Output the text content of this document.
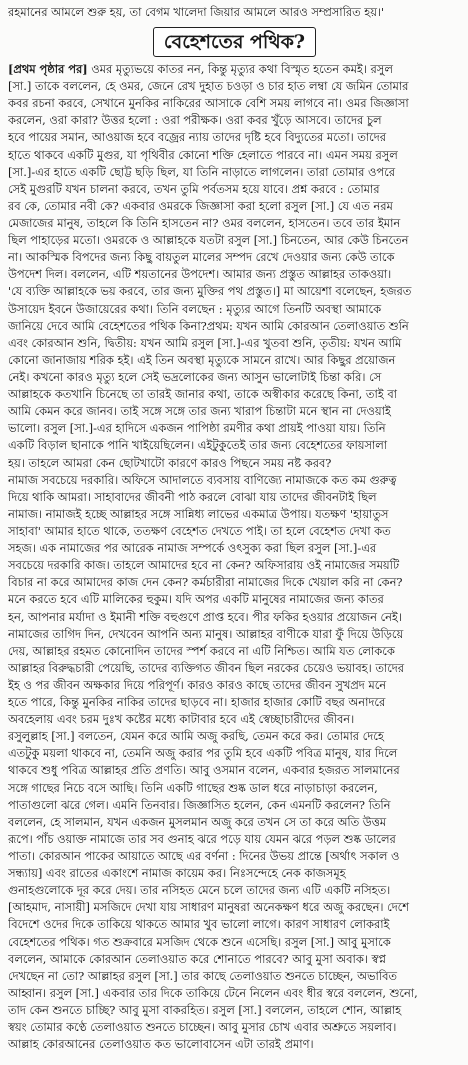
রহমানের আমলে শুরু হয়, তা বেগম খালেদা জিয়ার আমলে আরও সম্প্রসারিত হয়।'
বেহেশতের পথিক?
[প্রথম পৃষ্ঠার পর] ওমর মৃত্যুভয়ে কাতর নন, কিন্তু মৃত্যুর কথা বিস্মৃত হতেন কমই। রসুল
[সা.] তাকে বললেন, হে ওমর, জেনে রেখ দুহাত চওড়া ও চার হাত লম্বা যে জমিন তোমার
কবর রচনা করবে, সেখানে মুনকির নাকিরের আসাকে বেশি সময় লাগবে না। ওমর জিজ্ঞাসা
করলেন, ওরা কারা? উত্তর হলো : ওরা পরীক্ষক। ওরা কবর খুঁড়ে আসবে। তাদের চুল
হবে পায়ের সমান, আওয়াজ হবে বজ্রের ন্যায় তাদের দৃষ্টি হবে বিদ্যুতের মতো। তাদের
হাতে থাকবে একটি মুগুর, যা পৃথিবীর কোনো শক্তি হেলাতে পারবে না। এমন সময় রসুল
[সা.]-এর হাতে একটি ছোট্ট ছড়ি ছিল, যা তিনি নাড়াতে লাগলেন। তারা তোমার ওপরে
সেই মুগুরটি যখন চালনা করবে, তখন তুমি পর্বতসম হয়ে যাবে। প্রশ্ন করবে : তোমার
রব কে, তোমার নবী কে? একবার ওমরকে জিজ্ঞাসা করা হলো রসুল [সা.] যে এত নরম
মেজাজের মানুষ, তাহলে কি তিনি হাসতেন না? ওমর বললেন, হাসতেন। তবে তার ইমান
ছিল পাহাড়ের মতো। ওমরকে ও আল্লাহকে যতটা রসুল [সা.] চিনতেন, আর কেউ চিনতেন
না। আকস্মিক বিপদের জন্য কিছু বায়তুল মালের সম্পদ রেখে দেওয়ার জন্য কেউ তাকে
উপদেশ দিল। বললেন, এটি শয়তানের উপদেশ। আমার জন্য প্রস্তুত আল্লাহর তাকওয়া।
'যে ব্যক্তি আল্লাহকে ভয় করবে, তার জন্য মুক্তির পথ প্রস্তুত।] মা আয়েশা বলেছেন, হজরত
উসায়েদ ইবনে উজায়েরের কথা। তিনি বলছেন : মৃত্যুর আগে তিনটি অবস্থা আমাকে
জানিয়ে দেবে আমি বেহেশতের পথিক কিনা?প্রথম: যখন আমি কোরআন তেলাওয়াত শুনি
এবং কোরআন শুনি, দ্বিতীয়: যখন আমি রসুল [সা.]-এর খুতবা শুনি, তৃতীয়: যখন আমি
কোনো জানাজায় শরিক হই। এই তিন অবস্থা মৃত্যুকে সামনে রাখে। আর কিছুর প্রয়োজন
নেই। কখনো কারও মৃত্যু হলে সেই ভদ্রলোকের জন্য আসুন ভালোটাই চিন্তা করি। সে
আল্লাহকে কতখানি চিনেছে তা তারই জানার কথা, তাকে অস্বীকার করেছে কিনা, তাই বা
আমি কেমন করে জানব। তাই সঙ্গে সঙ্গে তার জন্য খারাপ চিন্তাটা মনে স্থান না দেওয়াই
ভালো। রসুল [সা.]-এর হাদিসে একজন পাপিষ্ঠা রমণীর কথা প্রায়ই পাওয়া যায়। তিনি
একটি বিড়াল ছানাকে পানি খাইয়েছিলেন। এইটুকুতেই তার জন্য বেহেশতের ফায়সালা
হয়। তাহলে আমরা কেন ছোটখাটো কারণে কারও পিছনে সময় নষ্ট করব?
নামাজ সবচেয়ে দরকারি। অফিসে আদালতে ব্যবসায় বাণিজ্যে নামাজকে কত কম গুরুত্ব
দিয়ে থাকি আমরা। সাহাবাদের জীবনী পাঠ করলে বোঝা যায় তাদের জীবনটাই ছিল
নামাজ। নামাজই হচ্ছে আল্লাহর সঙ্গে সান্নিধ্য লাভের একমাত্র উপায়। যতক্ষণ 'হায়াতুস
সাহাবা' আমার হাতে থাকে, ততক্ষণ বেহেশত দেখতে পাই। তা হলে বেহেশত দেখা কত
সহজ। এক নামাজের পর আরেক নামাজ সম্পর্কে ওৎসুক্য করা ছিল রসুল [সা.]-এর
সবচেয়ে দরকারি কাজ। তাহলে আমাদের হবে না কেন? অফিসারায় ওই নামাজের সময়টি
বিচার না করে আমাদের কাজ দেন কেন? কর্মচারীরা নামাজের দিকে খেয়াল করি না কেন?
মনে করতে হবে এটি মালিকের হুকুম। যদি অপর একটি মানুষের নামাজের জন্য কাতর
হন, আপনার মর্যাদা ও ইমানী শক্তি বহুগুণে প্রাপ্ত হবে। পীর ফকির হওয়ার প্রয়োজন নেই।
নামাজের তাগিদ দিন, দেখবেন আপনি অন্য মানুষ। আল্লাহর বাণীকে যারা ফুঁ দিয়ে উড়িয়ে
দেয়, আল্লাহর রহমত কোনোদিন তাদের স্পর্শ করবে না এটি নিশ্চিত। আমি যত লোককে
আল্লাহর বিরুদ্ধচারী পেয়েছি, তাদের ব্যক্তিগত জীবন ছিল নরকের চেয়েও ভয়াবহ। তাদের
ইহ ও পর জীবন অক্ষকার দিয়ে পরিপূর্ণ। কারও কারও কাছে তাদের জীবন সুখপ্রদ মনে
হতে পারে, কিন্তু মুনকির নাকির তাদের ছাড়বে না। হাজার হাজার কোটি বছর অনাদরে
অবহেলায় এবং চরম দুঃখ কষ্টের মধ্যে কাটাবার হবে এই স্বেচ্ছাচারীদের জীবন।
রসুলুল্লাহ [সা.] বলতেন, যেমন করে আমি অজু করছি, তেমন করে কর। তোমার দেহে
এতটুকু ময়লা থাকবে না, তেমনি অজু করার পর তুমি হবে একটি পবিত্র মানুষ, যার দিলে
থাকবে শুধু পবিত্র আল্লাহর প্রতি প্রণতি। আবু ওসমান বলেন, একবার হজরত সালমানের
সঙ্গে গাছের নিচে বসে আছি। তিনি একটি গাছের শুষ্ক ডাল ধরে নাড়াচাড়া করলেন,
পাতাগুলো ঝরে গেল। এমনি তিনবার। জিজ্ঞাসিত হলেন, কেন এমনটি করলেন? তিনি
বললেন, হে সালমান, যখন একজন মুসলমান অজু করে তখন সে তা করে অতি উত্তম
রূপে। পাঁচ ওয়াক্ত নামাজে তার সব গুনাহ ঝরে পড়ে যায় যেমন ঝরে পড়ল শুষ্ক ডালের
পাতা। কোরআন পাকের আয়াতে আছে এর বর্ণনা : দিনের উভয় প্রান্তে [অর্থাৎ সকাল ও
সন্ধ্যায়] এবং রাতের একাংশে নামাজ কায়েম কর। নিঃসন্দেহে নেক কাজসমূহ
গুনাহগুলোকে দূর করে দেয়। তার নসিহত মেনে চলে তাদের জন্য এটি একটি নসিহত।
[আহমাদ, নাসায়ী] মসজিদে দেখা যায় সাধারণ মানুষরা অনেকক্ষণ ধরে অজু করছেন। দেশে
বিদেশে ওদের দিকে তাকিয়ে থাকতে আমার খুব ভালো লাগে। কারণ সাধারণ লোকরাই
বেহেশতের পথিক। গত শুক্রবারে মসজিদ থেকে শুনে এসেছি। রসুল [সা.] আবু মুসাকে
বললেন, আমাকে কোরআন তেলাওয়াত করে শোনাতে পারবে? আবু মুসা অবাক। স্বপ্ন
দেখছেন না তো? আল্লাহর রসুল [সা.] তার কাছে তেলাওয়াত শুনতে চাচ্ছেন, অভাবিত
আহ্বান। রসুল [সা.] একবার তার দিকে তাকিয়ে টেনে নিলেন এবং ধীর স্বরে বললেন, শুনো,
তাদ কেন শুনতে চাচ্ছি? আবু মুসা বাকরহিত। রসুল [সা.] বললেন, তাহলে শোন, আল্লাহ
স্বয়ং তোমার কণ্ঠে তেলাওয়াত শুনতে চাচ্ছেন। আবু মুসার চোখ এবার অশ্রুতে সয়লাব।
আল্লাহ কোরআনের তেলাওয়াত কত ভালোবাসেন এটা তারই প্রমাণ।
